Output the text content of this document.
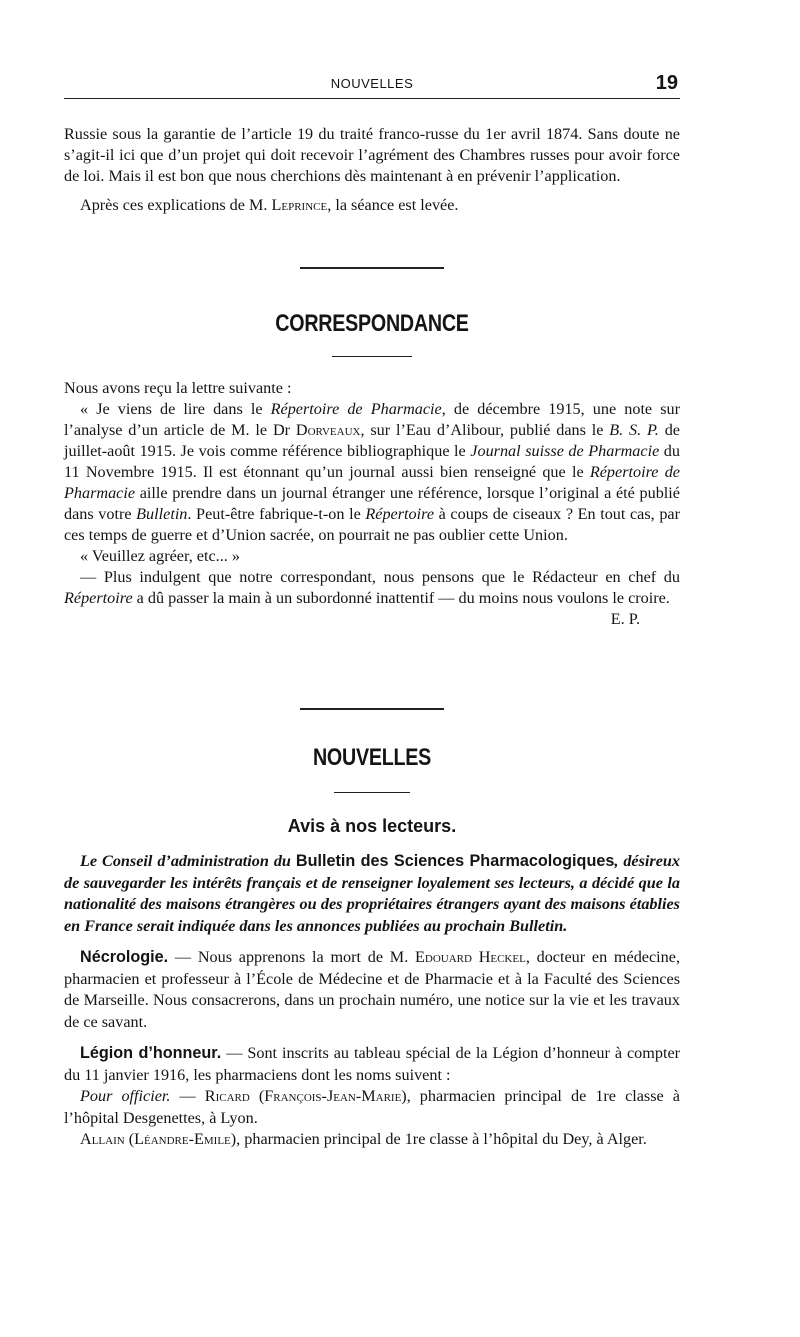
NOUVELLES	19

Russie sous la garantie de l’article 19 du traité franco-russe du 1er avril 1874. Sans doute ne s’agit-il ici que d’un projet qui doit recevoir l’agrément des Chambres russes pour avoir force de loi. Mais il est bon que nous cherchions dès maintenant à en prévenir l’application.

Après ces explications de M. Leprince, la séance est levée.

CORRESPONDANCE

Nous avons reçu la lettre suivante :

« Je viens de lire dans le Répertoire de Pharmacie, de décembre 1915, une note sur l’analyse d’un article de M. le Dr Dorveaux, sur l’Eau d’Alibour, publié dans le B. S. P. de juillet-août 1915. Je vois comme référence bibliographique le Journal suisse de Pharmacie du 11 Novembre 1915. Il est étonnant qu’un journal aussi bien renseigné que le Répertoire de Pharmacie aille prendre dans un journal étranger une référence, lorsque l’original a été publié dans votre Bulletin. Peut-être fabrique-t-on le Répertoire à coups de ciseaux ? En tout cas, par ces temps de guerre et d’Union sacrée, on pourrait ne pas oublier cette Union.

« Veuillez agréer, etc... »

— Plus indulgent que notre correspondant, nous pensons que le Rédacteur en chef du Répertoire a dû passer la main à un subordonné inattentif — du moins nous voulons le croire.

E. P.

NOUVELLES
Avis à nos lecteurs.

Le Conseil d’administration du Bulletin des Sciences Pharmacologiques, désireux de sauvegarder les intérêts français et de renseigner loyalement ses lecteurs, a décidé que la nationalité des maisons étrangères ou des propriétaires étrangers ayant des maisons établies en France serait indiquée dans les annonces publiées au prochain Bulletin.

Nécrologie. — Nous apprenons la mort de M. Edouard Heckel, docteur en médecine, pharmacien et professeur à l’École de Médecine et de Pharmacie et à la Faculté des Sciences de Marseille. Nous consacrerons, dans un prochain numéro, une notice sur la vie et les travaux de ce savant.

Légion d’honneur. — Sont inscrits au tableau spécial de la Légion d’honneur à compter du 11 janvier 1916, les pharmaciens dont les noms suivent :

Pour officier. — Ricard (François-Jean-Marie), pharmacien principal de 1re classe à l’hôpital Desgenettes, à Lyon.

Allain (Léandre-Emile), pharmacien principal de 1re classe à l’hôpital du Dey, à Alger.
